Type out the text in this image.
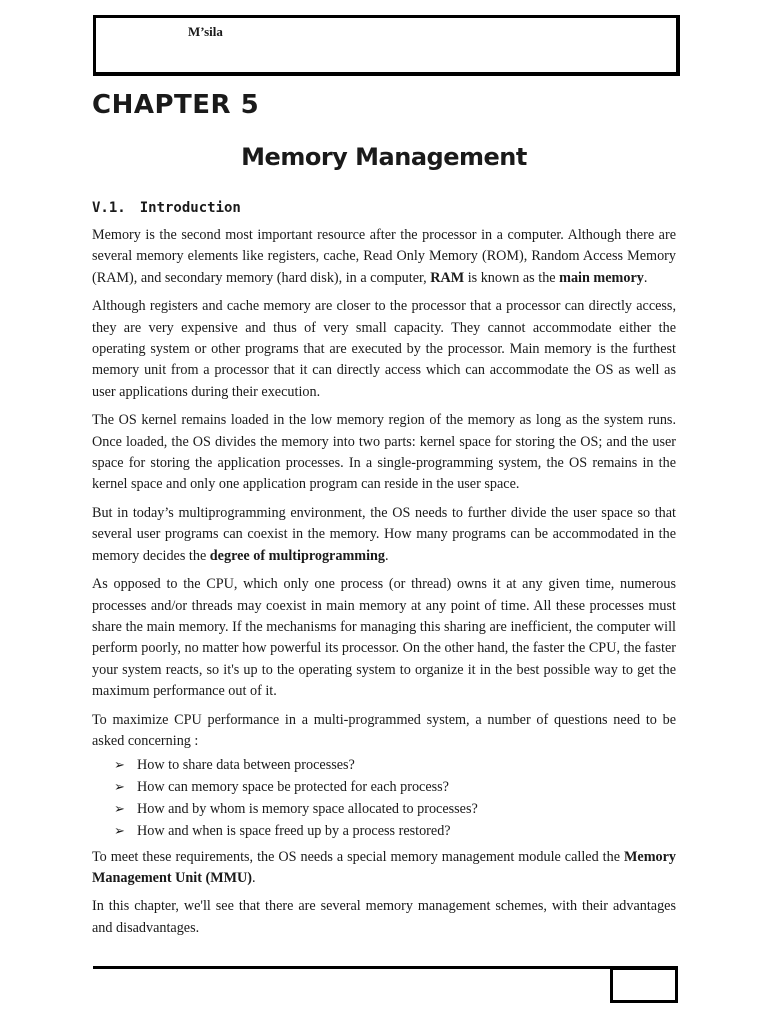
M’sila
CHAPTER 5
Memory Management
V.1. Introduction

Memory is the second most important resource after the processor in a computer. Although there are several memory elements like registers, cache, Read Only Memory (ROM), Random Access Memory (RAM), and secondary memory (hard disk), in a computer, RAM is known as the main memory.

Although registers and cache memory are closer to the processor that a processor can directly access, they are very expensive and thus of very small capacity. They cannot accommodate either the operating system or other programs that are executed by the processor. Main memory is the furthest memory unit from a processor that it can directly access which can accommodate the OS as well as user applications during their execution.

The OS kernel remains loaded in the low memory region of the memory as long as the system runs. Once loaded, the OS divides the memory into two parts: kernel space for storing the OS; and the user space for storing the application processes. In a single-programming system, the OS remains in the kernel space and only one application program can reside in the user space.

But in today’s multiprogramming environment, the OS needs to further divide the user space so that several user programs can coexist in the memory. How many programs can be accommodated in the memory decides the degree of multiprogramming.

As opposed to the CPU, which only one process (or thread) owns it at any given time, numerous processes and/or threads may coexist in main memory at any point of time. All these processes must share the main memory. If the mechanisms for managing this sharing are inefficient, the computer will perform poorly, no matter how powerful its processor. On the other hand, the faster the CPU, the faster your system reacts, so it's up to the operating system to organize it in the best possible way to get the maximum performance out of it.

To maximize CPU performance in a multi-programmed system, a number of questions need to be asked concerning :

➢ How to share data between processes?
➢ How can memory space be protected for each process?
➢ How and by whom is memory space allocated to processes?
➢ How and when is space freed up by a process restored?

To meet these requirements, the OS needs a special memory management module called the Memory Management Unit (MMU).

In this chapter, we'll see that there are several memory management schemes, with their advantages and disadvantages.
